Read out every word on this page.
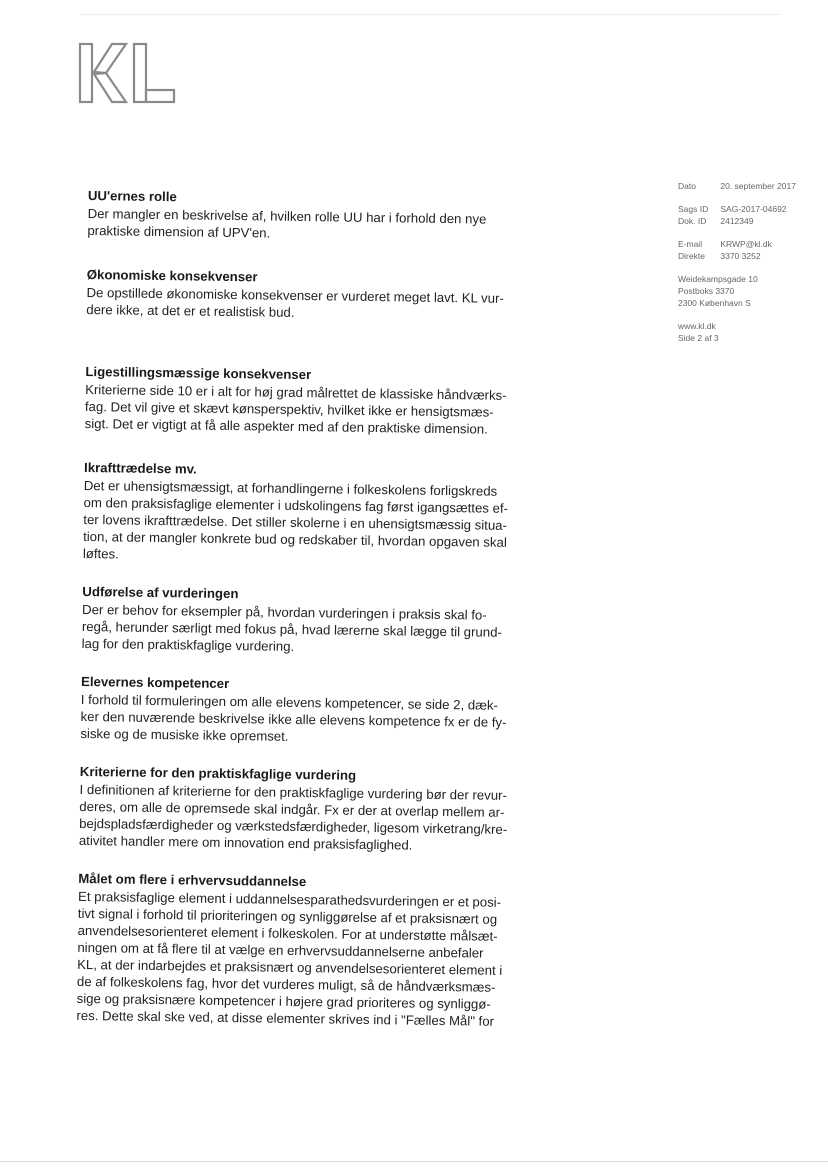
Dato	20. september 2017
Sags ID SAG-2017-04692
Dok. ID 2412349
E-mail KRWP@kl.dk
Direkte 3370 3252
Weidekampsgade 10
Postboks 3370
2300 København S
www.kl.dk
Side 2 af 3
UU'ernes rolle

Der mangler en beskrivelse af, hvilken rolle UU har i forhold den nye
praktiske dimension af UPV'en.

Økonomiske konsekvenser

De opstillede økonomiske konsekvenser er vurderet meget lavt. KL vur-
dere ikke, at det er et realistisk bud.

Ligestillingsmæssige konsekvenser

Kriterierne side 10 er i alt for høj grad målrettet de klassiske håndværks-
fag. Det vil give et skævt kønsperspektiv, hvilket ikke er hensigtsmæs-
sigt. Det er vigtigt at få alle aspekter med af den praktiske dimension.

Ikrafttrædelse mv.

Det er uhensigtsmæssigt, at forhandlingerne i folkeskolens forligskreds
om den praksisfaglige elementer i udskolingens fag først igangsættes ef-
ter lovens ikrafttrædelse. Det stiller skolerne i en uhensigtsmæssig situa-
tion, at der mangler konkrete bud og redskaber til, hvordan opgaven skal
løftes.

Udførelse af vurderingen

Der er behov for eksempler på, hvordan vurderingen i praksis skal fo-
regå, herunder særligt med fokus på, hvad lærerne skal lægge til grund-
lag for den praktiskfaglige vurdering.

Elevernes kompetencer

I forhold til formuleringen om alle elevens kompetencer, se side 2, dæk-
ker den nuværende beskrivelse ikke alle elevens kompetence fx er de fy-
siske og de musiske ikke opremset.

Kriterierne for den praktiskfaglige vurdering

I definitionen af kriterierne for den praktiskfaglige vurdering bør der revur-
deres, om alle de opremsede skal indgår. Fx er der at overlap mellem ar-
bejdspladsfærdigheder og værkstedsfærdigheder, ligesom virketrang/kre-
ativitet handler mere om innovation end praksisfaglighed.

Målet om flere i erhvervsuddannelse

Et praksisfaglige element i uddannelsesparathedsvurderingen er et posi-
tivt signal i forhold til prioriteringen og synliggørelse af et praksisnært og
anvendelsesorienteret element i folkeskolen. For at understøtte målsæt-
ningen om at få flere til at vælge en erhvervsuddannelserne anbefaler
KL, at der indarbejdes et praksisnært og anvendelsesorienteret element i
de af folkeskolens fag, hvor det vurderes muligt, så de håndværksmæs-
sige og praksisnære kompetencer i højere grad prioriteres og synliggø-
res. Dette skal ske ved, at disse elementer skrives ind i "Fælles Mål" for
